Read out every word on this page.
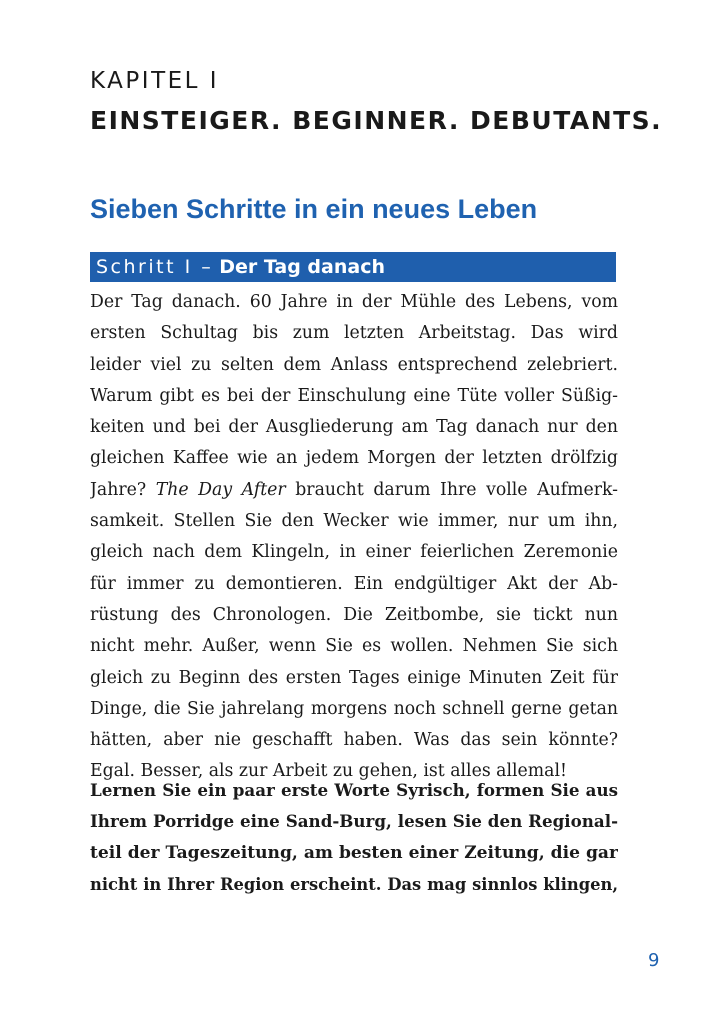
KAPITEL I
EINSTEIGER. BEGINNER. DEBUTANTS.
Sieben Schritte in ein neues Leben
Schritt I – Der Tag danach
Der Tag danach. 60 Jahre in der Mühle des Lebens, vom
ersten Schultag bis zum letzten Arbeitstag. Das wird
leider viel zu selten dem Anlass entsprechend zelebriert.
Warum gibt es bei der Einschulung eine Tüte voller Süßig-
keiten und bei der Ausgliederung am Tag danach nur den
gleichen Kaffee wie an jedem Morgen der letzten drölfzig
Jahre? The Day After braucht darum Ihre volle Aufmerk-
samkeit. Stellen Sie den Wecker wie immer, nur um ihn,
gleich nach dem Klingeln, in einer feierlichen Zeremonie
für immer zu demontieren. Ein endgültiger Akt der Ab-
rüstung des Chronologen. Die Zeitbombe, sie tickt nun
nicht mehr. Außer, wenn Sie es wollen. Nehmen Sie sich
gleich zu Beginn des ersten Tages einige Minuten Zeit für
Dinge, die Sie jahrelang morgens noch schnell gerne getan
hätten, aber nie geschafft haben. Was das sein könnte?
Egal. Besser, als zur Arbeit zu gehen, ist alles allemal!
Lernen Sie ein paar erste Worte Syrisch, formen Sie aus
Ihrem Porridge eine Sand-Burg, lesen Sie den Regional-
teil der Tageszeitung, am besten einer Zeitung, die gar
nicht in Ihrer Region erscheint. Das mag sinnlos klingen,
9
